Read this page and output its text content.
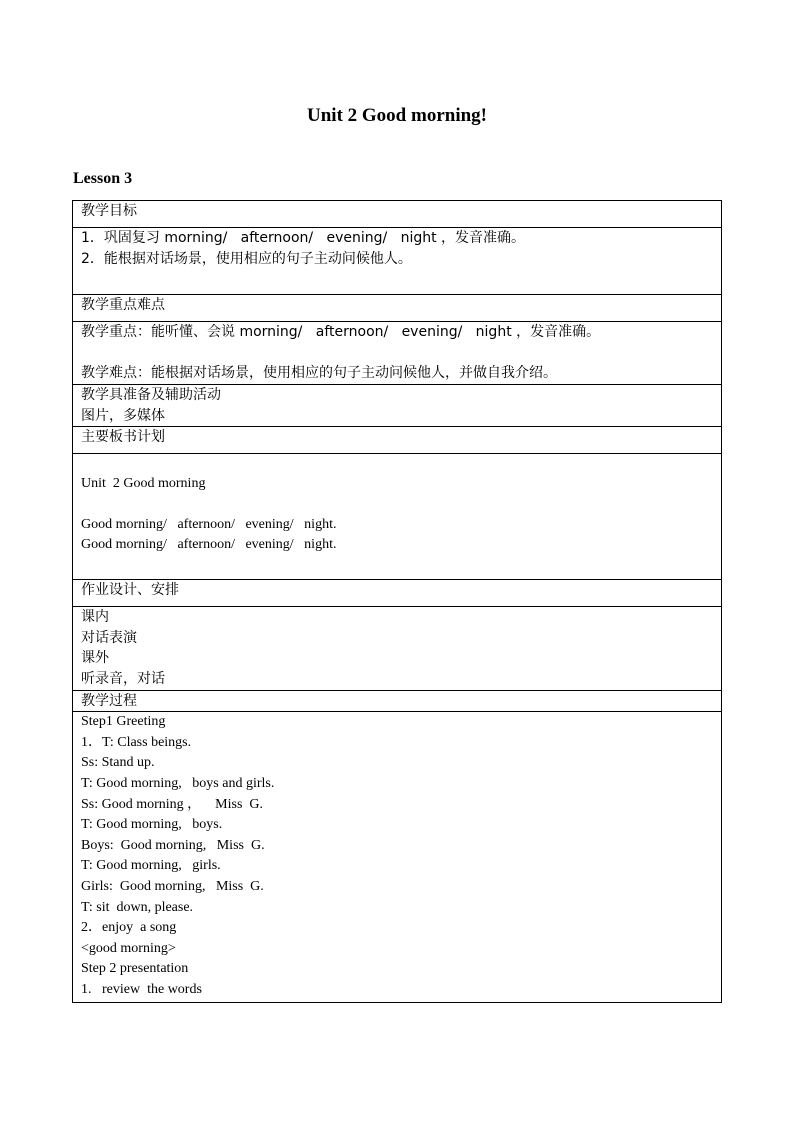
Unit 2 Good morning!
Lesson 3
教学目标

1．巩固复习 morning/   afternoon/   evening/   night ，发音准确。
2．能根据对话场景，使用相应的句子主动问候他人。

教学重点难点

教学重点：能听懂、会说 morning/   afternoon/   evening/   night ，发音准确。
教学难点：能根据对话场景，使用相应的句子主动问候他人，并做自我介绍。

教学具准备及辅助活动
图片，多媒体

主要板书计划

Unit  2 Good morning
Good morning/   afternoon/   evening/   night.
Good morning/   afternoon/   evening/   night.

作业设计、安排

课内
对话表演
课外
听录音，对话

教学过程

Step1 Greeting
1．T: Class beings.
Ss: Stand up.
T: Good morning,   boys and girls.
Ss: Good morning ，    Miss  G.
T: Good morning,   boys.
Boys:  Good morning,   Miss  G.
T: Good morning,   girls.
Girls:  Good morning,   Miss  G.
T: sit  down, please.
2．enjoy  a song
<good morning>
Step 2 presentation
1.   review  the words
